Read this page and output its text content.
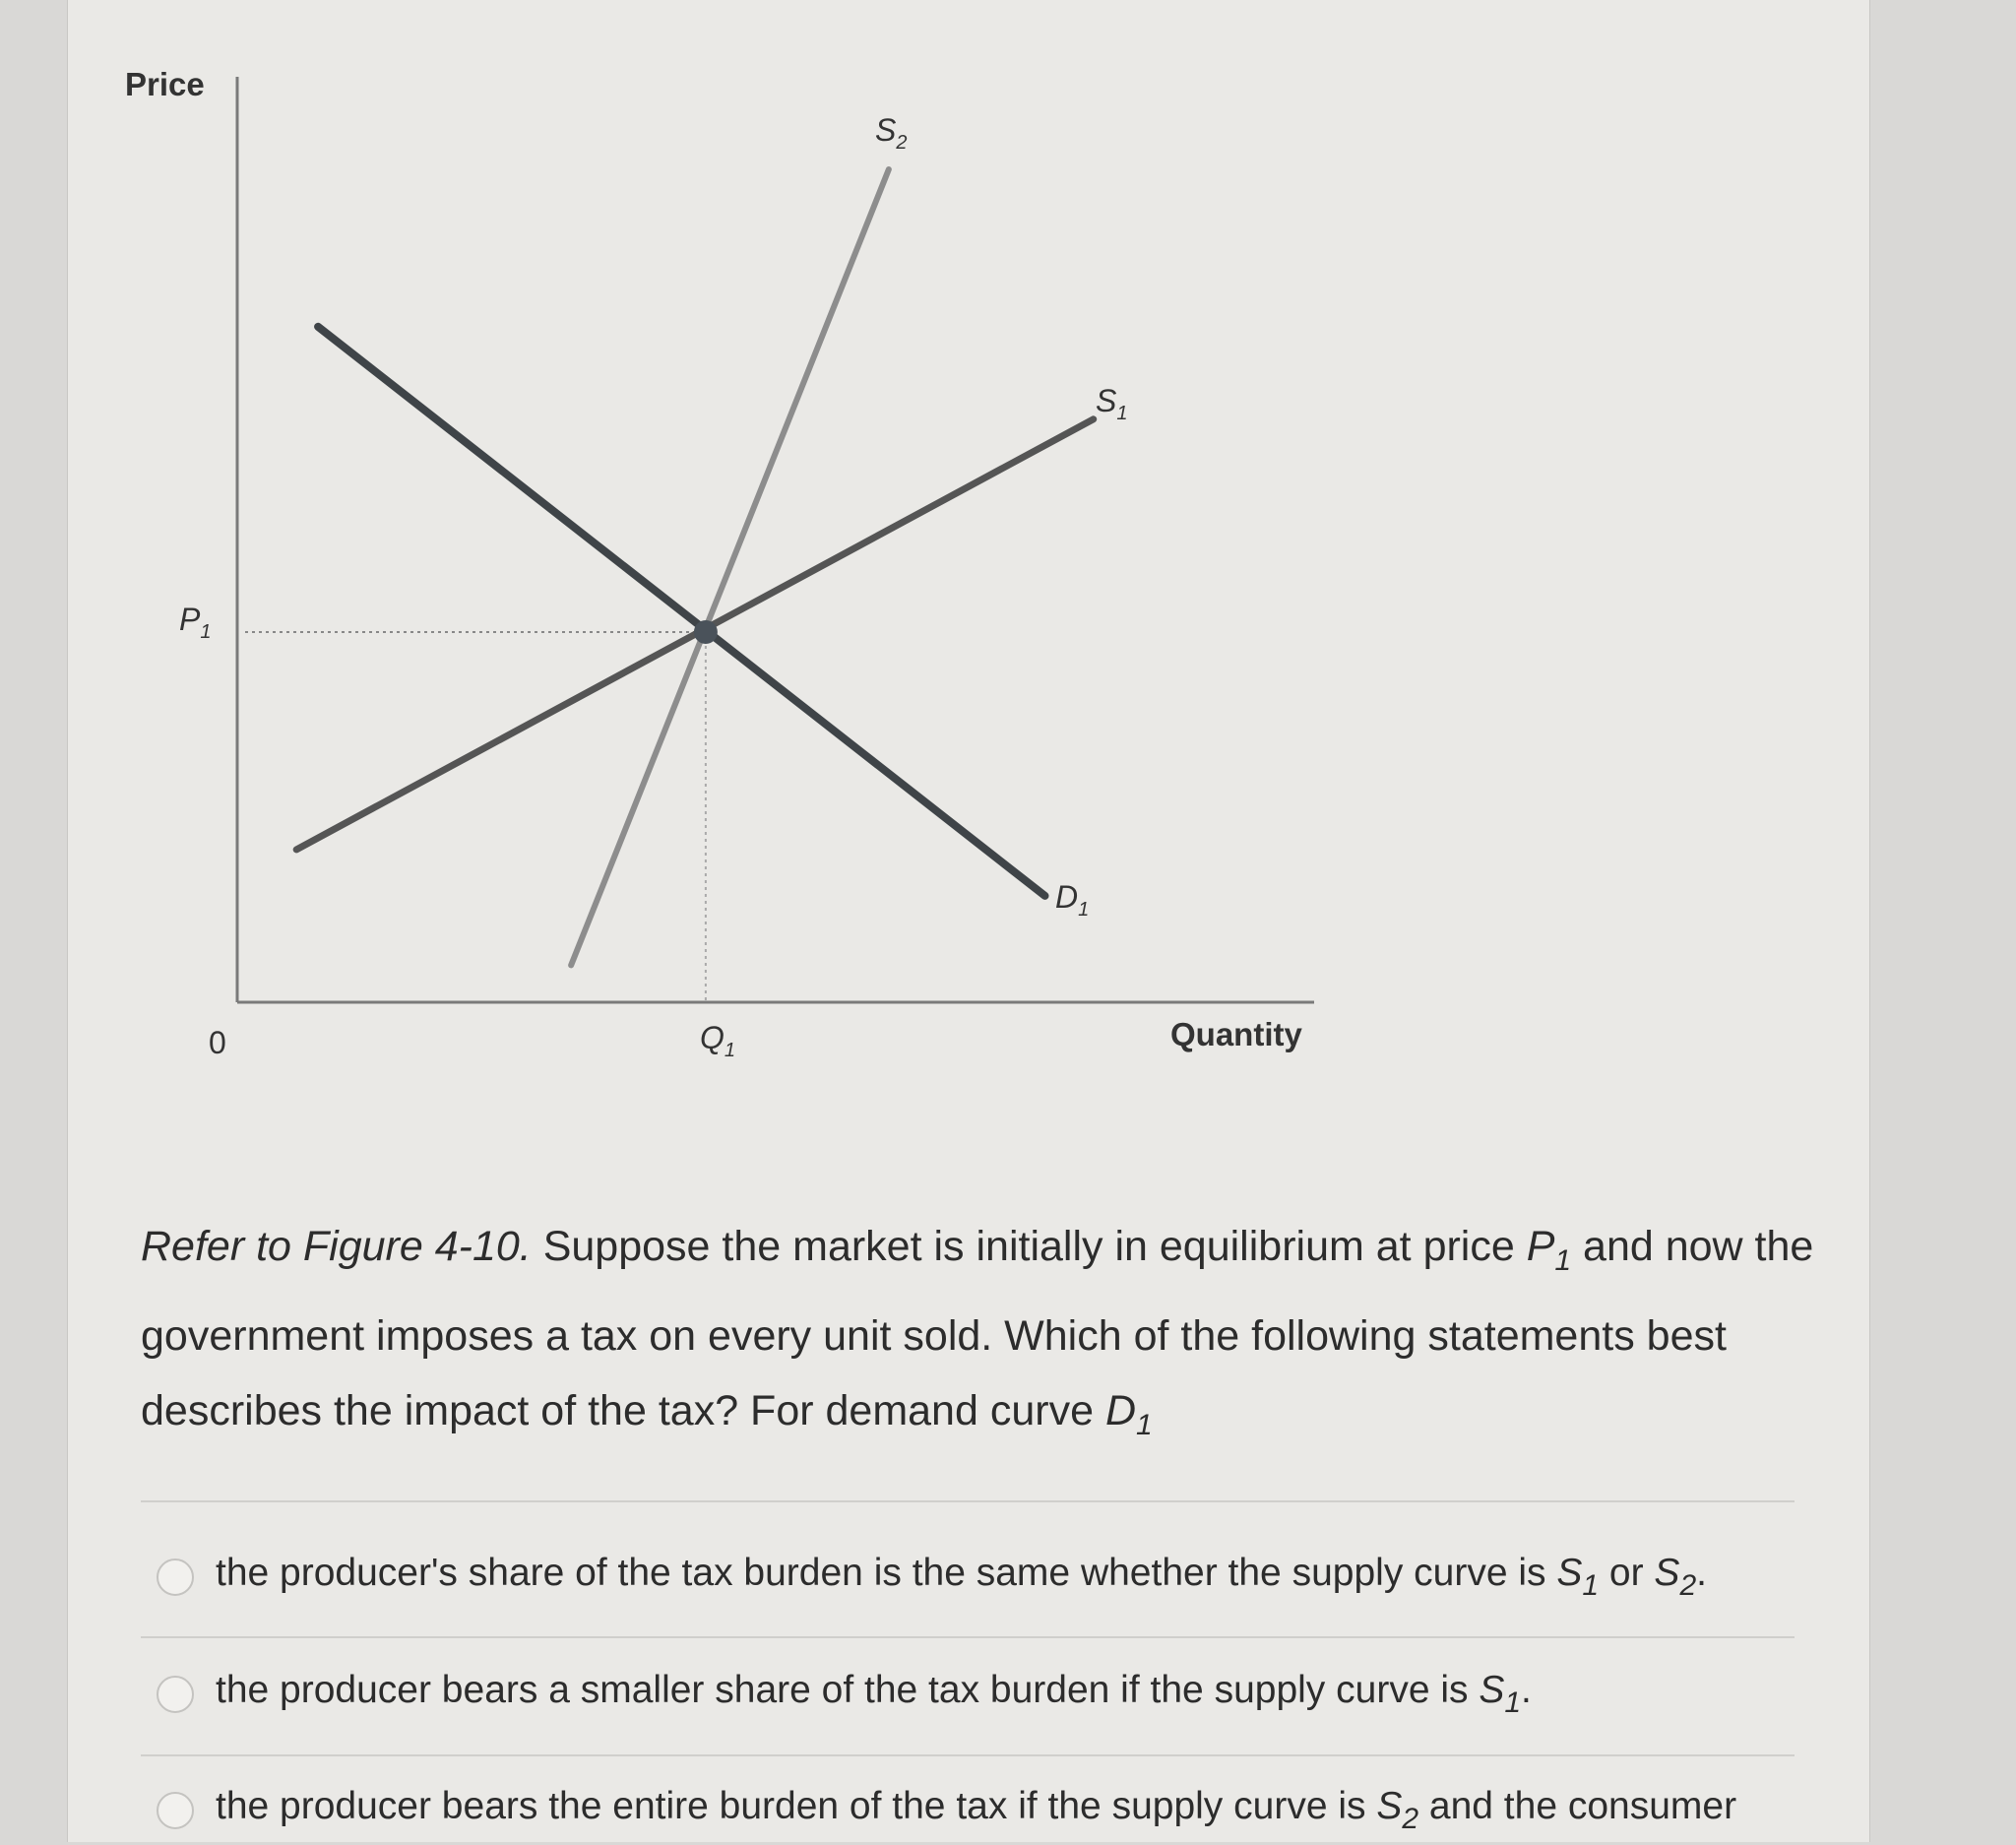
Price
Quantity
0
$P_1$
$Q_1$
$S_2$
$S_1$
$D_1$
Refer to Figure 4-10. Suppose the market is initially in equilibrium at price $P_1$ and now the government imposes a tax on every unit sold. Which of the following statements best describes the impact of the tax? For demand curve $D_1$
the producer's share of the tax burden is the same whether the supply curve is $S_1$ or $S_2$.
the producer bears a smaller share of the tax burden if the supply curve is $S_1$.
the producer bears the entire burden of the tax if the supply curve is $S_2$ and the consumer
